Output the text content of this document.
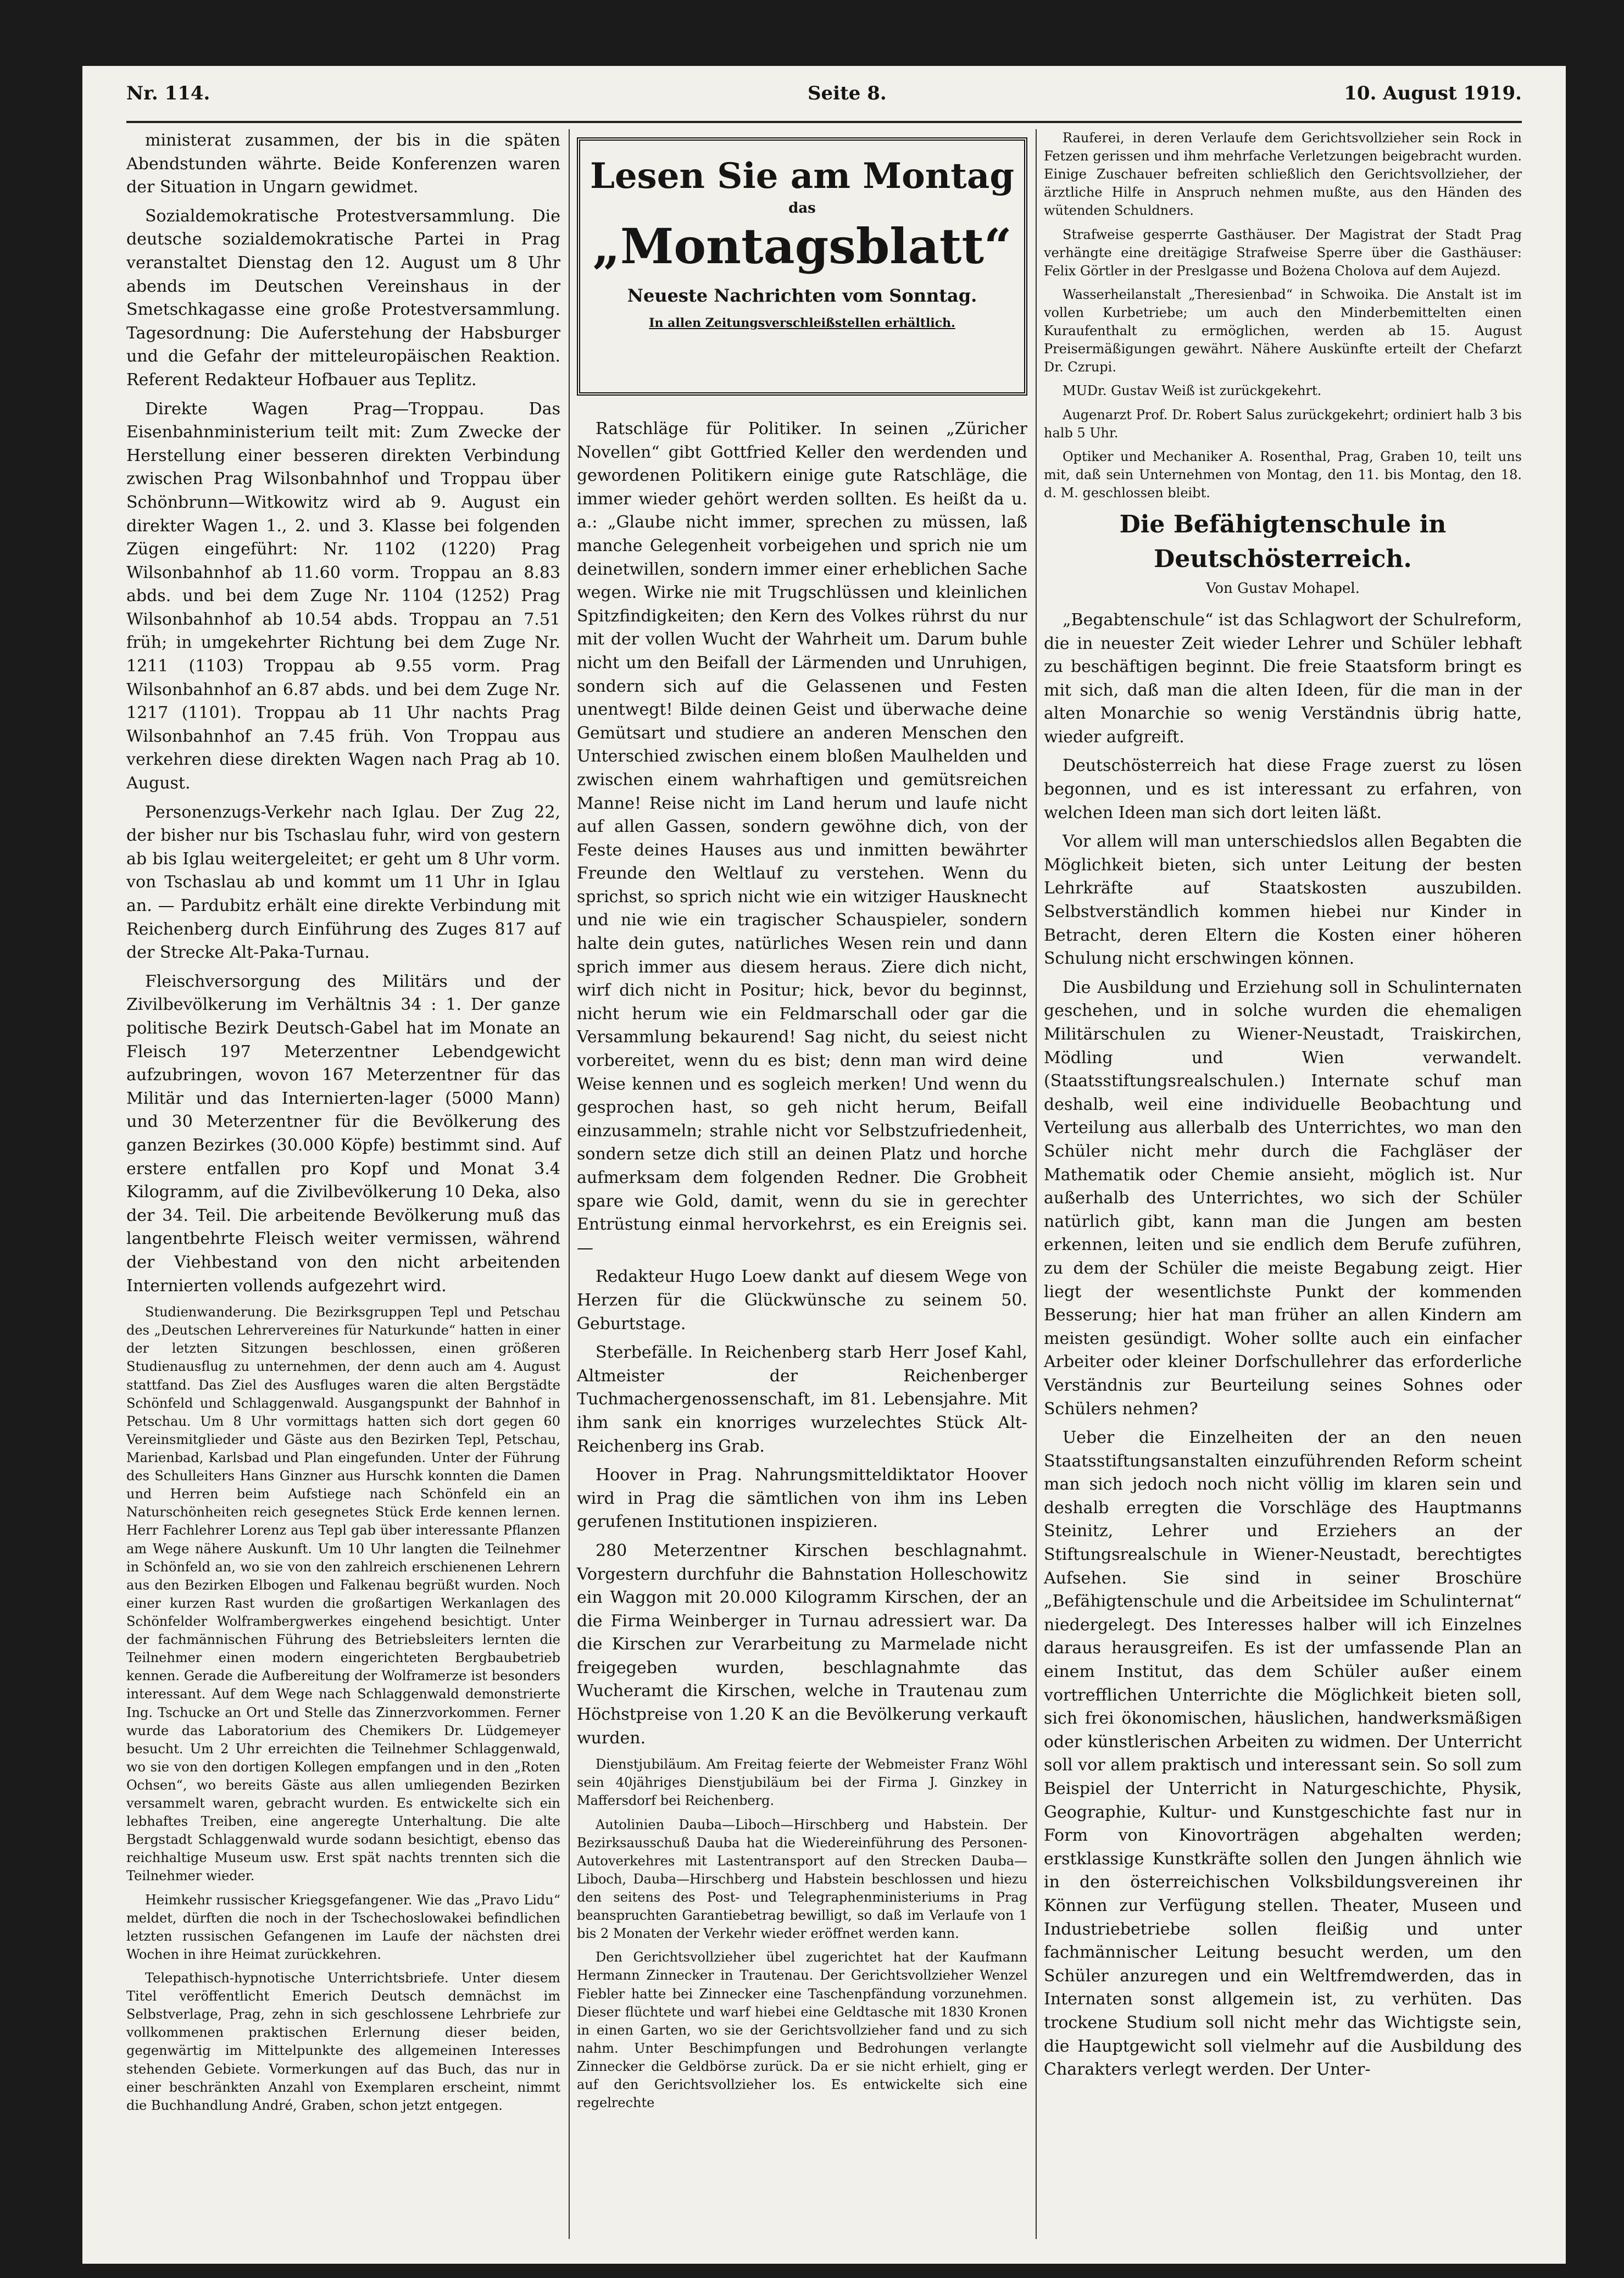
Nr. 114.	Seite 8.	10. August 1919.

ministerat zusammen, der bis in die späten Abendstunden währte. Beide Konferenzen waren der Situation in Ungarn gewidmet.

Sozialdemokratische Protestversammlung. Die deutsche sozialdemokratische Partei in Prag veranstaltet Dienstag den 12. August um 8 Uhr abends im Deutschen Vereinshaus in der Smetschkagasse eine große Protestversammlung. Tagesordnung: Die Auferstehung der Habsburger und die Gefahr der mitteleuropäischen Reaktion. Referent Redakteur Hofbauer aus Teplitz.

Direkte Wagen Prag—Troppau. Das Eisenbahnministerium teilt mit: Zum Zwecke der Herstellung einer besseren direkten Verbindung zwischen Prag Wilsonbahnhof und Troppau über Schönbrunn—Witkowitz wird ab 9. August ein direkter Wagen 1., 2. und 3. Klasse bei folgenden Zügen eingeführt: Nr. 1102 (1220) Prag Wilsonbahnhof ab 11.60 vorm. Troppau an 8.83 abds. und bei dem Zuge Nr. 1104 (1252) Prag Wilsonbahnhof ab 10.54 abds. Troppau an 7.51 früh; in umgekehrter Richtung bei dem Zuge Nr. 1211 (1103) Troppau ab 9.55 vorm. Prag Wilsonbahnhof an 6.87 abds. und bei dem Zuge Nr. 1217 (1101). Troppau ab 11 Uhr nachts Prag Wilsonbahnhof an 7.45 früh. Von Troppau aus verkehren diese direkten Wagen nach Prag ab 10. August.

Personenzugs-Verkehr nach Iglau. Der Zug 22, der bisher nur bis Tschaslau fuhr, wird von gestern ab bis Iglau weitergeleitet; er geht um 8 Uhr vorm. von Tschaslau ab und kommt um 11 Uhr in Iglau an. — Pardubitz erhält eine direkte Verbindung mit Reichenberg durch Einführung des Zuges 817 auf der Strecke Alt-Paka-Turnau.

Fleischversorgung des Militärs und der Zivilbevölkerung im Verhältnis 34 : 1. Der ganze politische Bezirk Deutsch-Gabel hat im Monate an Fleisch 197 Meterzentner Lebendgewicht aufzubringen, wovon 167 Meterzentner für das Militär und das Internierten-lager (5000 Mann) und 30 Meterzentner für die Bevölkerung des ganzen Bezirkes (30.000 Köpfe) bestimmt sind. Auf erstere entfallen pro Kopf und Monat 3.4 Kilogramm, auf die Zivilbevölkerung 10 Deka, also der 34. Teil. Die arbeitende Bevölkerung muß das langentbehrte Fleisch weiter vermissen, während der Viehbestand von den nicht arbeitenden Internierten vollends aufgezehrt wird.

Studienwanderung. Die Bezirksgruppen Tepl und Petschau des „Deutschen Lehrervereines für Naturkunde“ hatten in einer der letzten Sitzungen beschlossen, einen größeren Studienausflug zu unternehmen, der denn auch am 4. August stattfand. Das Ziel des Ausfluges waren die alten Bergstädte Schönfeld und Schlaggenwald. Ausgangspunkt der Bahnhof in Petschau. Um 8 Uhr vormittags hatten sich dort gegen 60 Vereinsmitglieder und Gäste aus den Bezirken Tepl, Petschau, Marienbad, Karlsbad und Plan eingefunden. Unter der Führung des Schulleiters Hans Ginzner aus Hurschk konnten die Damen und Herren beim Aufstiege nach Schönfeld ein an Naturschönheiten reich gesegnetes Stück Erde kennen lernen. Herr Fachlehrer Lorenz aus Tepl gab über interessante Pflanzen am Wege nähere Auskunft. Um 10 Uhr langten die Teilnehmer in Schönfeld an, wo sie von den zahlreich erschienenen Lehrern aus den Bezirken Elbogen und Falkenau begrüßt wurden. Noch einer kurzen Rast wurden die großartigen Werkanlagen des Schönfelder Wolframbergwerkes eingehend besichtigt. Unter der fachmännischen Führung des Betriebsleiters lernten die Teilnehmer einen modern eingerichteten Bergbaubetrieb kennen. Gerade die Aufbereitung der Wolframerze ist besonders interessant. Auf dem Wege nach Schlaggenwald demonstrierte Ing. Tschucke an Ort und Stelle das Zinnerzvorkommen. Ferner wurde das Laboratorium des Chemikers Dr. Lüdgemeyer besucht. Um 2 Uhr erreichten die Teilnehmer Schlaggenwald, wo sie von den dortigen Kollegen empfangen und in den „Roten Ochsen“, wo bereits Gäste aus allen umliegenden Bezirken versammelt waren, gebracht wurden. Es entwickelte sich ein lebhaftes Treiben, eine angeregte Unterhaltung. Die alte Bergstadt Schlaggenwald wurde sodann besichtigt, ebenso das reichhaltige Museum usw. Erst spät nachts trennten sich die Teilnehmer wieder.

Heimkehr russischer Kriegsgefangener. Wie das „Pravo Lidu“ meldet, dürften die noch in der Tschechoslowakei befindlichen letzten russischen Gefangenen im Laufe der nächsten drei Wochen in ihre Heimat zurückkehren.

Telepathisch-hypnotische Unterrichtsbriefe. Unter diesem Titel veröffentlicht Emerich Deutsch demnächst im Selbstverlage, Prag, zehn in sich geschlossene Lehrbriefe zur vollkommenen praktischen Erlernung dieser beiden, gegenwärtig im Mittelpunkte des allgemeinen Interesses stehenden Gebiete. Vormerkungen auf das Buch, das nur in einer beschränkten Anzahl von Exemplaren erscheint, nimmt die Buchhandlung André, Graben, schon jetzt entgegen.

Lesen Sie am Montag
das
„Montagsblatt“
Neueste Nachrichten vom Sonntag.
In allen Zeitungsverschleißstellen erhältlich.

Ratschläge für Politiker. In seinen „Züricher Novellen“ gibt Gottfried Keller den werdenden und gewordenen Politikern einige gute Ratschläge, die immer wieder gehört werden sollten. Es heißt da u. a.: „Glaube nicht immer, sprechen zu müssen, laß manche Gelegenheit vorbeigehen und sprich nie um deinetwillen, sondern immer einer erheblichen Sache wegen. Wirke nie mit Trugschlüssen und kleinlichen Spitzfindigkeiten; den Kern des Volkes rührst du nur mit der vollen Wucht der Wahrheit um. Darum buhle nicht um den Beifall der Lärmenden und Unruhigen, sondern sich auf die Gelassenen und Festen unentwegt! Bilde deinen Geist und überwache deine Gemütsart und studiere an anderen Menschen den Unterschied zwischen einem bloßen Maulhelden und zwischen einem wahrhaftigen und gemütsreichen Manne! Reise nicht im Land herum und laufe nicht auf allen Gassen, sondern gewöhne dich, von der Feste deines Hauses aus und inmitten bewährter Freunde den Weltlauf zu verstehen. Wenn du sprichst, so sprich nicht wie ein witziger Hausknecht und nie wie ein tragischer Schauspieler, sondern halte dein gutes, natürliches Wesen rein und dann sprich immer aus diesem heraus. Ziere dich nicht, wirf dich nicht in Positur; hick, bevor du beginnst, nicht herum wie ein Feldmarschall oder gar die Versammlung bekaurend! Sag nicht, du seiest nicht vorbereitet, wenn du es bist; denn man wird deine Weise kennen und es sogleich merken! Und wenn du gesprochen hast, so geh nicht herum, Beifall einzusammeln; strahle nicht vor Selbstzufriedenheit, sondern setze dich still an deinen Platz und horche aufmerksam dem folgenden Redner. Die Grobheit spare wie Gold, damit, wenn du sie in gerechter Entrüstung einmal hervorkehrst, es ein Ereignis sei. —

Redakteur Hugo Loew dankt auf diesem Wege von Herzen für die Glückwünsche zu seinem 50. Geburtstage.

Sterbefälle. In Reichenberg starb Herr Josef Kahl, Altmeister der Reichenberger Tuchmachergenossenschaft, im 81. Lebensjahre. Mit ihm sank ein knorriges wurzelechtes Stück Alt-Reichenberg ins Grab.

Hoover in Prag. Nahrungsmitteldiktator Hoover wird in Prag die sämtlichen von ihm ins Leben gerufenen Institutionen inspizieren.

280 Meterzentner Kirschen beschlagnahmt. Vorgestern durchfuhr die Bahnstation Holleschowitz ein Waggon mit 20.000 Kilogramm Kirschen, der an die Firma Weinberger in Turnau adressiert war. Da die Kirschen zur Verarbeitung zu Marmelade nicht freigegeben wurden, beschlagnahmte das Wucheramt die Kirschen, welche in Trautenau zum Höchstpreise von 1.20 K an die Bevölkerung verkauft wurden.

Dienstjubiläum. Am Freitag feierte der Webmeister Franz Wöhl sein 40jähriges Dienstjubiläum bei der Firma J. Ginzkey in Maffersdorf bei Reichenberg.

Autolinien Dauba—Liboch—Hirschberg und Habstein. Der Bezirksausschuß Dauba hat die Wiedereinführung des Personen-Autoverkehres mit Lastentransport auf den Strecken Dauba—Liboch, Dauba—Hirschberg und Habstein beschlossen und hiezu den seitens des Post- und Telegraphenministeriums in Prag beanspruchten Garantiebetrag bewilligt, so daß im Verlaufe von 1 bis 2 Monaten der Verkehr wieder eröffnet werden kann.

Den Gerichtsvollzieher übel zugerichtet hat der Kaufmann Hermann Zinnecker in Trautenau. Der Gerichtsvollzieher Wenzel Fiebler hatte bei Zinnecker eine Taschenpfändung vorzunehmen. Dieser flüchtete und warf hiebei eine Geldtasche mit 1830 Kronen in einen Garten, wo sie der Gerichtsvollzieher fand und zu sich nahm. Unter Beschimpfungen und Bedrohungen verlangte Zinnecker die Geldbörse zurück. Da er sie nicht erhielt, ging er auf den Gerichtsvollzieher los. Es entwickelte sich eine regelrechte

Rauferei, in deren Verlaufe dem Gerichtsvollzieher sein Rock in Fetzen gerissen und ihm mehrfache Verletzungen beigebracht wurden. Einige Zuschauer befreiten schließlich den Gerichtsvollzieher, der ärztliche Hilfe in Anspruch nehmen mußte, aus den Händen des wütenden Schuldners.

Strafweise gesperrte Gasthäuser. Der Magistrat der Stadt Prag verhängte eine dreitägige Strafweise Sperre über die Gasthäuser: Felix Görtler in der Preslgasse und Bożena Cholova auf dem Aujezd.

Wasserheilanstalt „Theresienbad“ in Schwoika. Die Anstalt ist im vollen Kurbetriebe; um auch den Minderbemittelten einen Kuraufenthalt zu ermöglichen, werden ab 15. August Preisermäßigungen gewährt. Nähere Auskünfte erteilt der Chefarzt Dr. Czrupi.

MUDr. Gustav Weiß ist zurückgekehrt.

Augenarzt Prof. Dr. Robert Salus zurückgekehrt; ordiniert halb 3 bis halb 5 Uhr.

Optiker und Mechaniker A. Rosenthal, Prag, Graben 10, teilt uns mit, daß sein Unternehmen von Montag, den 11. bis Montag, den 18. d. M. geschlossen bleibt.

Die Befähigtenschule in Deutschösterreich.
Von Gustav Mohapel.

„Begabtenschule“ ist das Schlagwort der Schulreform, die in neuester Zeit wieder Lehrer und Schüler lebhaft zu beschäftigen beginnt. Die freie Staatsform bringt es mit sich, daß man die alten Ideen, für die man in der alten Monarchie so wenig Verständnis übrig hatte, wieder aufgreift.

Deutschösterreich hat diese Frage zuerst zu lösen begonnen, und es ist interessant zu erfahren, von welchen Ideen man sich dort leiten läßt.

Vor allem will man unterschiedslos allen Begabten die Möglichkeit bieten, sich unter Leitung der besten Lehrkräfte auf Staatskosten auszubilden. Selbstverständlich kommen hiebei nur Kinder in Betracht, deren Eltern die Kosten einer höheren Schulung nicht erschwingen können.

Die Ausbildung und Erziehung soll in Schulinternaten geschehen, und in solche wurden die ehemaligen Militärschulen zu Wiener-Neustadt, Traiskirchen, Mödling und Wien verwandelt. (Staatsstiftungsrealschulen.) Internate schuf man deshalb, weil eine individuelle Beobachtung und Verteilung aus allerbalb des Unterrichtes, wo man den Schüler nicht mehr durch die Fachgläser der Mathematik oder Chemie ansieht, möglich ist. Nur außerhalb des Unterrichtes, wo sich der Schüler natürlich gibt, kann man die Jungen am besten erkennen, leiten und sie endlich dem Berufe zuführen, zu dem der Schüler die meiste Begabung zeigt. Hier liegt der wesentlichste Punkt der kommenden Besserung; hier hat man früher an allen Kindern am meisten gesündigt. Woher sollte auch ein einfacher Arbeiter oder kleiner Dorfschullehrer das erforderliche Verständnis zur Beurteilung seines Sohnes oder Schülers nehmen?

Ueber die Einzelheiten der an den neuen Staatsstiftungsanstalten einzuführenden Reform scheint man sich jedoch noch nicht völlig im klaren sein und deshalb erregten die Vorschläge des Hauptmanns Steinitz, Lehrer und Erziehers an der Stiftungsrealschule in Wiener-Neustadt, berechtigtes Aufsehen. Sie sind in seiner Broschüre „Befähigtenschule und die Arbeitsidee im Schulinternat“ niedergelegt. Des Interesses halber will ich Einzelnes daraus herausgreifen. Es ist der umfassende Plan an einem Institut, das dem Schüler außer einem vortrefflichen Unterrichte die Möglichkeit bieten soll, sich frei ökonomischen, häuslichen, handwerksmäßigen oder künstlerischen Arbeiten zu widmen. Der Unterricht soll vor allem praktisch und interessant sein. So soll zum Beispiel der Unterricht in Naturgeschichte, Physik, Geographie, Kultur- und Kunstgeschichte fast nur in Form von Kinovorträgen abgehalten werden; erstklassige Kunstkräfte sollen den Jungen ähnlich wie in den österreichischen Volksbildungsvereinen ihr Können zur Verfügung stellen. Theater, Museen und Industriebetriebe sollen fleißig und unter fachmännischer Leitung besucht werden, um den Schüler anzuregen und ein Weltfremdwerden, das in Internaten sonst allgemein ist, zu verhüten. Das trockene Studium soll nicht mehr das Wichtigste sein, die Hauptgewicht soll vielmehr auf die Ausbildung des Charakters verlegt werden. Der Unter-
